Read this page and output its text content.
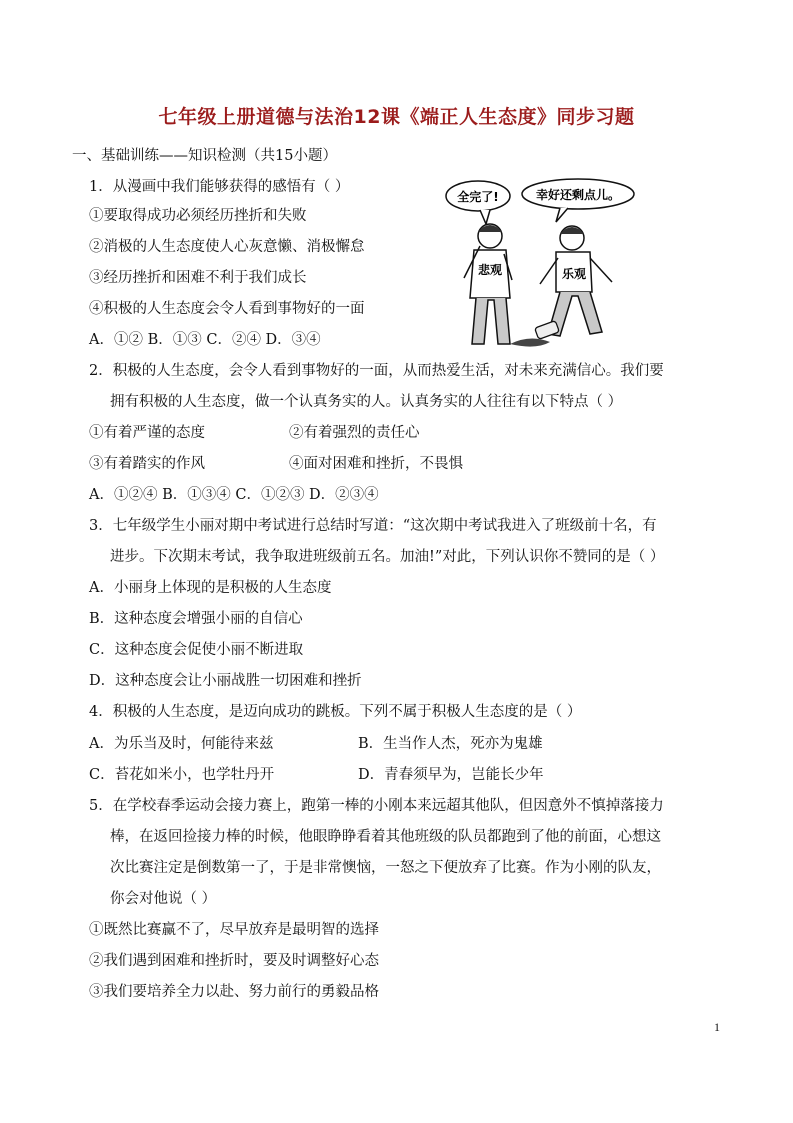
七年级上册道德与法治12课《端正人生态度》同步习题
一、基础训练——知识检测（共15小题）
1．从漫画中我们能够获得的感悟有（ ）
①要取得成功必须经历挫折和失败
②消极的人生态度使人心灰意懒、消极懈怠
③经历挫折和困难不利于我们成长
④积极的人生态度会令人看到事物好的一面
A．①② B．①③ C．②④ D．③④
全完了!	幸好还剩点儿。
悲观	乐观
2．积极的人生态度，会令人看到事物好的一面，从而热爱生活，对未来充满信心。我们要
拥有积极的人生态度，做一个认真务实的人。认真务实的人往往有以下特点（ ）
①有着严谨的态度	②有着强烈的责任心
③有着踏实的作风	④面对困难和挫折，不畏惧
A．①②④ B．①③④ C．①②③ D．②③④
3．七年级学生小丽对期中考试进行总结时写道：“这次期中考试我进入了班级前十名，有
进步。下次期末考试，我争取进班级前五名。加油!”对此，下列认识你不赞同的是（ ）
A．小丽身上体现的是积极的人生态度
B．这种态度会增强小丽的自信心
C．这种态度会促使小丽不断进取
D．这种态度会让小丽战胜一切困难和挫折
4．积极的人生态度，是迈向成功的跳板。下列不属于积极人生态度的是（ ）
A．为乐当及时，何能待来兹	B．生当作人杰，死亦为鬼雄
C．苔花如米小，也学牡丹开	D．青春须早为，岂能长少年
5．在学校春季运动会接力赛上，跑第一棒的小刚本来远超其他队，但因意外不慎掉落接力
棒，在返回捡接力棒的时候，他眼睁睁看着其他班级的队员都跑到了他的前面，心想这
次比赛注定是倒数第一了，于是非常懊恼，一怒之下便放弃了比赛。作为小刚的队友，
你会对他说（ ）
①既然比赛赢不了，尽早放弃是最明智的选择
②我们遇到困难和挫折时，要及时调整好心态
③我们要培养全力以赴、努力前行的勇毅品格
1
